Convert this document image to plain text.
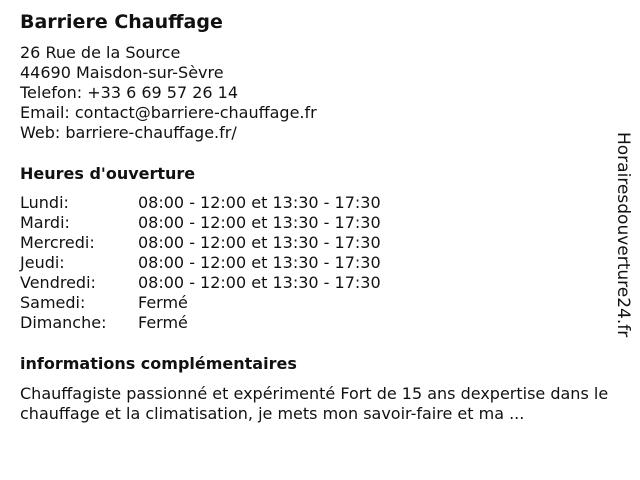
Barriere Chauffage
26 Rue de la Source
44690 Maisdon-sur-Sèvre
Telefon: +33 6 69 57 26 14
Email: contact@barriere-chauffage.fr
Web: barriere-chauffage.fr/
Heures d'ouverture
Lundi:	08:00 - 12:00 et 13:30 - 17:30
Mardi:	08:00 - 12:00 et 13:30 - 17:30
Mercredi:	08:00 - 12:00 et 13:30 - 17:30
Jeudi:	08:00 - 12:00 et 13:30 - 17:30
Vendredi:	08:00 - 12:00 et 13:30 - 17:30
Samedi:	Fermé
Dimanche: Fermé
informations complémentaires
Chauffagiste passionné et expérimenté Fort de 15 ans dexpertise dans le chauffage et la climatisation, je mets mon savoir-faire et ma ...
Horairesdouverture24.fr
